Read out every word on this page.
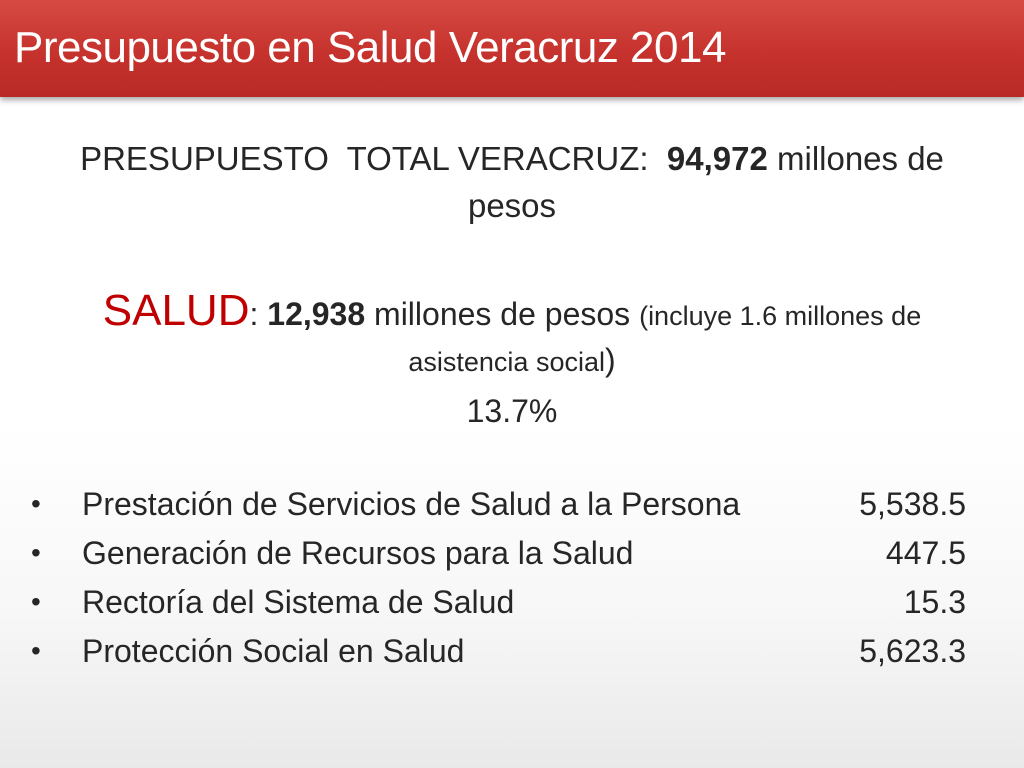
Presupuesto en Salud Veracruz 2014
PRESUPUESTO  TOTAL VERACRUZ:  94,972 millones de
pesos
SALUD: 12,938 millones de pesos (incluye 1.6 millones de
asistencia social)
13.7%
• Prestación de Servicios de Salud a la Persona	5,538.5
• Generación de Recursos para la Salud	447.5
• Rectoría del Sistema de Salud	15.3
• Protección Social en Salud	5,623.3
